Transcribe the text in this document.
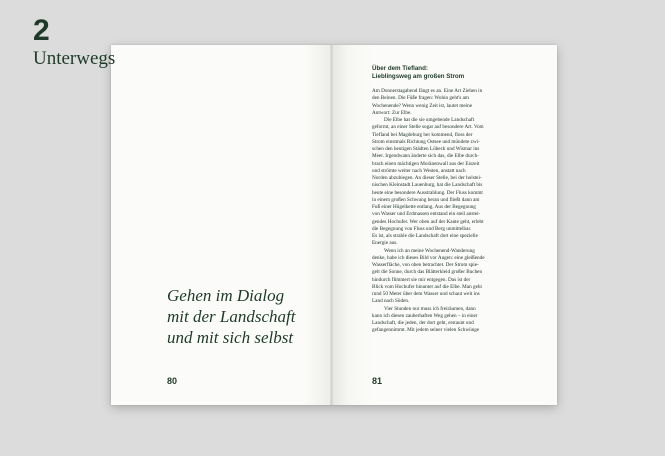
2
Unterwegs
Gehen im Dialog
mit der Landschaft
und mit sich selbst
80
Über dem Tiefland:
Lieblingsweg am großen Strom
Am Donnerstagabend fängt es an. Eine Art Ziehen in
den Beinen. Die Füße fragen: Wohin geht's am
Wochenende? Wenn wenig Zeit ist, lautet meine
Antwort: Zur Elbe.
Die Elbe hat die sie umgebende Landschaft
geformt, an einer Stelle sogar auf besondere Art. Vom
Tiefland bei Magdeburg her kommend, floss der
Strom einstmals Richtung Ostsee und mündete zwi-
schen den heutigen Städten Lübeck und Wismar ins
Meer. Irgendwann änderte sich das, die Elbe durch-
brach einen mächtigen Moränenwall aus der Eiszeit
und strömte weiter nach Westen, anstatt nach
Norden abzubiegen. An dieser Stelle, bei der holstei-
nischen Kleinstadt Lauenburg, hat die Landschaft bis
heute eine besondere Ausstrahlung. Der Fluss kommt
in einem großen Schwung heran und fließt dann am
Fuß einer Hügelkette entlang. Aus der Begegnung
von Wasser und Erdmassen entstand ein steil anstei-
gendes Hochufer. Wer oben auf der Kante geht, erlebt
die Begegnung von Fluss und Berg unmittelbar.
Es ist, als strahle die Landschaft dort eine spezielle
Energie aus.
Wenn ich an meine Wochenend-Wanderung
denke, habe ich dieses Bild vor Augen: eine gleißende
Wasserfläche, von oben betrachtet. Der Strom spie-
gelt die Sonne, durch das Blätterkleid großer Buchen
hindurch flimmert sie mir entgegen. Das ist der
Blick vom Hochufer hinunter auf die Elbe. Man geht
rund 50 Meter über dem Wasser und schaut weit ins
Land nach Süden.
Vier Stunden nur muss ich freiräumen, dann
kann ich diesen zauberhaften Weg gehen – in einer
Landschaft, die jeden, der dort geht, erstaunt und
gefangennimmt. Mit jedem seiner vielen Schwünge
81
